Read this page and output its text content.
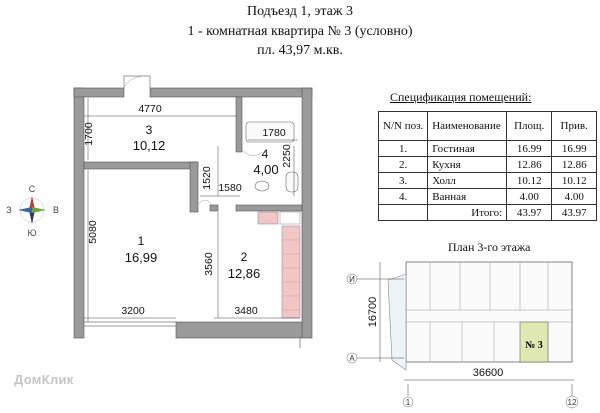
Подъезд 1, этаж 3
1 - комнатная квартира № 3 (условно)
пл. 43,97 м.кв.
3
10,12
1
16,99	2
12,86
4
4,00
4770
1700
5080
1780
2250
1520 1580
3560
3200	3480
С
З	В
Ю
№ 3
36600
16700
И
А
1	12
Спецификация помещений:
N/N поз.	Наименование	Площ.	Прив.
1.	Гостиная	16.99	16.99
2.	Кухня	12.86	12.86
3.	Холл	10.12	10.12
4.	Ванная	4.00	4.00
	Итого:	43.97	43.97
План 3-го этажа
ДомКлик
